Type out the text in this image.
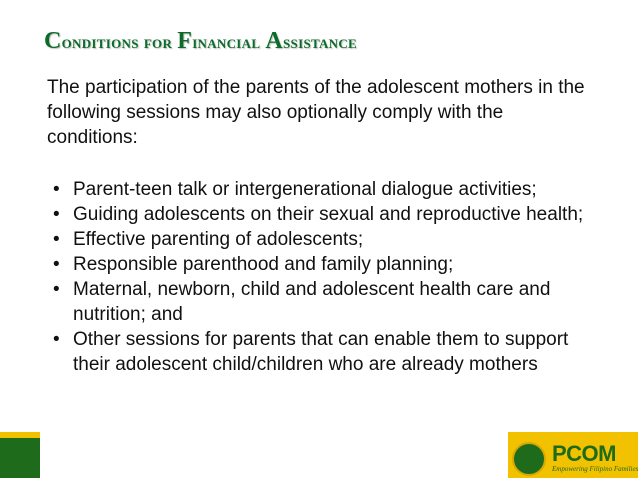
Conditions for Financial Assistance
The participation of the parents of the adolescent mothers in the following sessions may also optionally comply with the conditions:
• Parent-teen talk or intergenerational dialogue activities;
• Guiding adolescents on their sexual and reproductive health;
• Effective parenting of adolescents;
• Responsible parenthood and family planning;
• Maternal, newborn, child and adolescent health care and nutrition; and
• Other sessions for parents that can enable them to support their adolescent child/children who are already mothers
PCOM
Empowering Filipino Families
